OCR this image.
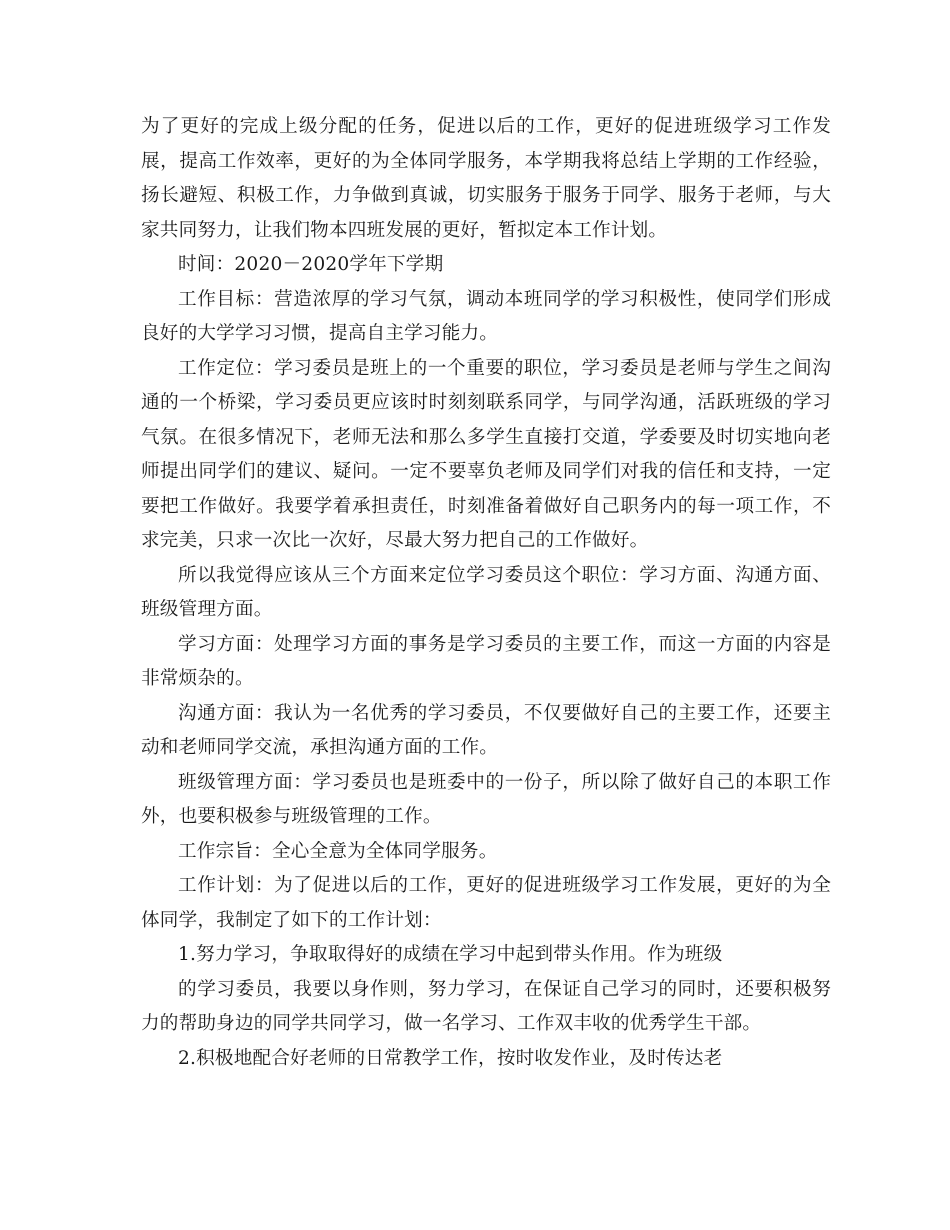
为了更好的完成上级分配的任务，促进以后的工作，更好的促进班级学习工作发展，提高工作效率，更好的为全体同学服务，本学期我将总结上学期的工作经验，扬长避短、积极工作，力争做到真诚，切实服务于服务于同学、服务于老师，与大家共同努力，让我们物本四班发展的更好，暂拟定本工作计划。

时间：2020－2020学年下学期

工作目标：营造浓厚的学习气氛，调动本班同学的学习积极性，使同学们形成良好的大学学习习惯，提高自主学习能力。

工作定位：学习委员是班上的一个重要的职位，学习委员是老师与学生之间沟通的一个桥梁，学习委员更应该时时刻刻联系同学，与同学沟通，活跃班级的学习气氛。在很多情况下，老师无法和那么多学生直接打交道，学委要及时切实地向老师提出同学们的建议、疑问。一定不要辜负老师及同学们对我的信任和支持，一定要把工作做好。我要学着承担责任，时刻准备着做好自己职务内的每一项工作，不求完美，只求一次比一次好，尽最大努力把自己的工作做好。

所以我觉得应该从三个方面来定位学习委员这个职位：学习方面、沟通方面、班级管理方面。

学习方面：处理学习方面的事务是学习委员的主要工作，而这一方面的内容是非常烦杂的。

沟通方面：我认为一名优秀的学习委员，不仅要做好自己的主要工作，还要主动和老师同学交流，承担沟通方面的工作。

班级管理方面：学习委员也是班委中的一份子，所以除了做好自己的本职工作外，也要积极参与班级管理的工作。

工作宗旨：全心全意为全体同学服务。

工作计划：为了促进以后的工作，更好的促进班级学习工作发展，更好的为全体同学，我制定了如下的工作计划：

1.努力学习，争取取得好的成绩在学习中起到带头作用。作为班级

的学习委员，我要以身作则，努力学习，在保证自己学习的同时，还要积极努力的帮助身边的同学共同学习，做一名学习、工作双丰收的优秀学生干部。

2.积极地配合好老师的日常教学工作，按时收发作业，及时传达老
